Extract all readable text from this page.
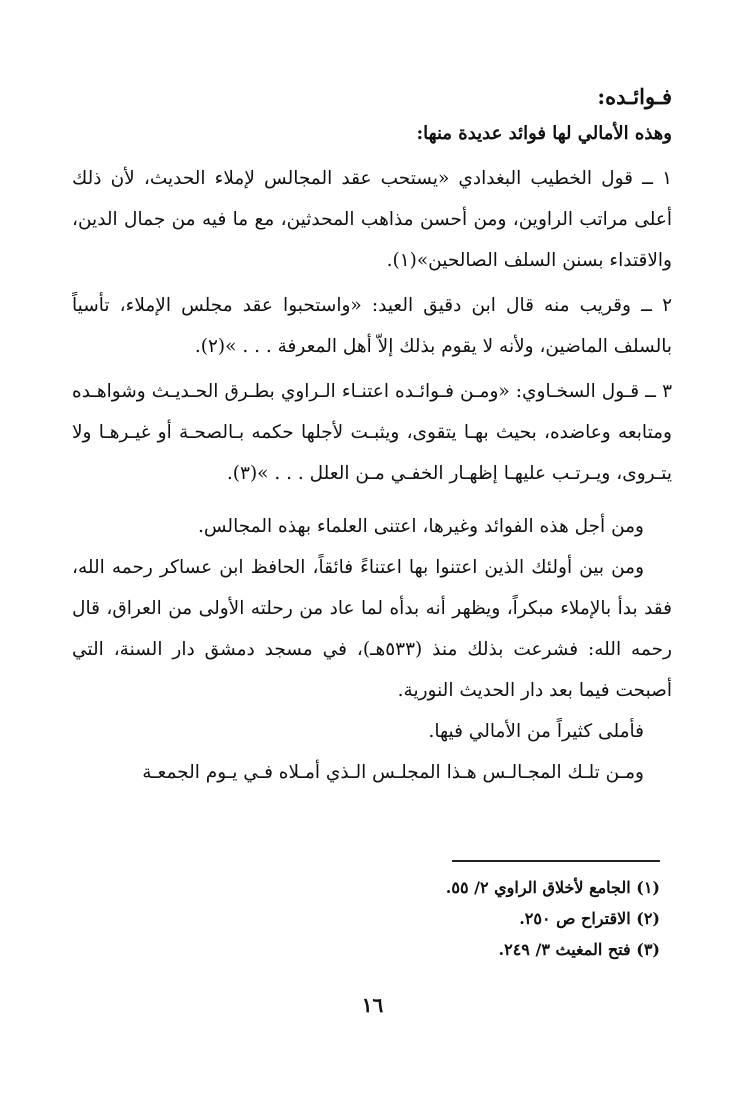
فـوائـده:

وهذه الأمالي لها فوائد عديدة منها:

١ ــ قول الخطيب البغدادي «يستحب عقد المجالس لإملاء الحديث، لأن ذلك أعلى مراتب الراوين، ومن أحسن مذاهب المحدثين، مع ما فيه من جمال الدين، والاقتداء بسنن السلف الصالحين»(١).

٢ ــ وقريب منه قال ابن دقيق العيد: «واستحبوا عقد مجلس الإملاء، تأسياً بالسلف الماضين، ولأنه لا يقوم بذلك إلاّ أهل المعرفة . . . »(٢).

٣ ــ قـول السخـاوي: «ومـن فـوائـده اعتنـاء الـراوي بطـرق الحـديـث وشواهـده ومتابعه وعاضده، بحيث بهـا يتقوى، ويثبـت لأجلها حكمه بـالصحـة أو غيـرهـا ولا يتـروى، ويـرتـب عليهـا إظهـار الخفـي مـن العلل . . . »(٣).

ومن أجل هذه الفوائد وغيرها، اعتنى العلماء بهذه المجالس.

ومن بين أولئك الذين اعتنوا بها اعتناءً فائقاً، الحافظ ابن عساكر رحمه الله، فقد بدأ بالإملاء مبكراً، ويظهر أنه بدأه لما عاد من رحلته الأولى من العراق، قال رحمه الله: فشرعت بذلك منذ (٥٣٣هـ)، في مسجد دمشق دار السنة، التي أصبحت فيما بعد دار الحديث النورية.

فأملى كثيراً من الأمالي فيها.

ومـن تلـك المجـالـس هـذا المجلـس الـذي أمـلاه فـي يـوم الجمعـة

(١) الجامع لأخلاق الراوي ٢/ ٥٥.
(٢) الاقتراح ص ٢٥٠.
(٣) فتح المغيث ٣/ ٢٤٩.
١٦
